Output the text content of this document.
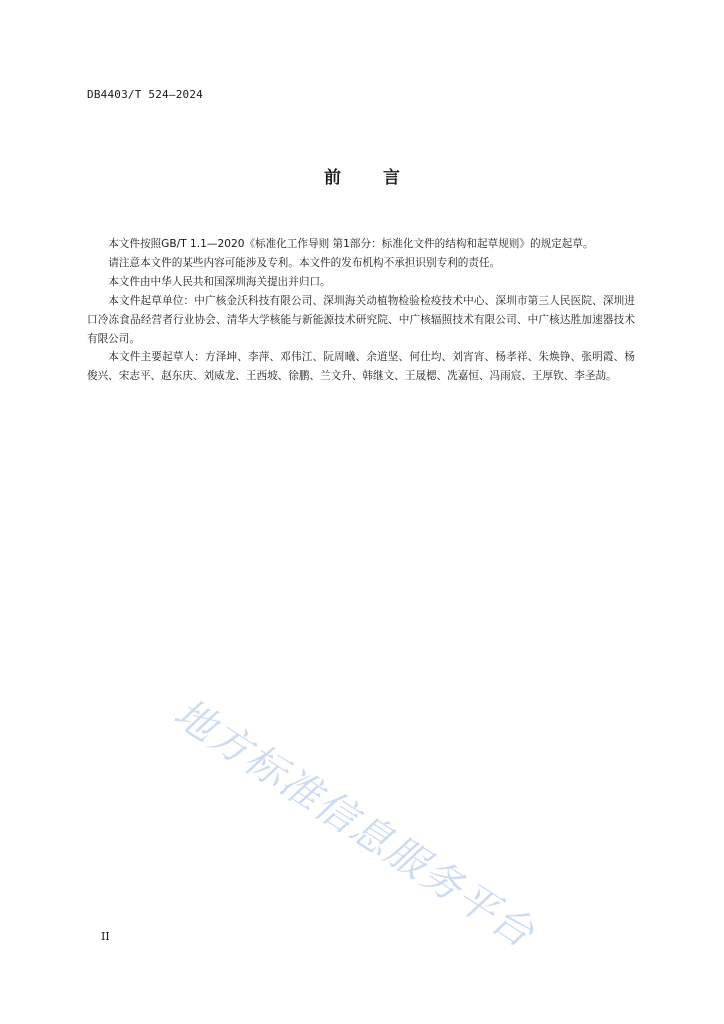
DB4403/T 524—2024
前 言

本文件按照GB/T 1.1—2020《标准化工作导则 第1部分：标准化文件的结构和起草规则》的规定起草。

请注意本文件的某些内容可能涉及专利。本文件的发布机构不承担识别专利的责任。

本文件由中华人民共和国深圳海关提出并归口。

本文件起草单位：中广核金沃科技有限公司、深圳海关动植物检验检疫技术中心、深圳市第三人民医院、深圳进口冷冻食品经营者行业协会、清华大学核能与新能源技术研究院、中广核辐照技术有限公司、中广核达胜加速器技术有限公司。

本文件主要起草人：方泽坤、李萍、邓伟江、阮周曦、余道坚、何仕均、刘宵宵、杨孝祥、朱焕铮、张明霞、杨俊兴、宋志平、赵东庆、刘威龙、王西坡、徐鹏、兰文升、韩继文、王晟楒、冼嘉恒、冯雨宸、王厚钦、李圣劼。

地方标准信息服务平台
II
